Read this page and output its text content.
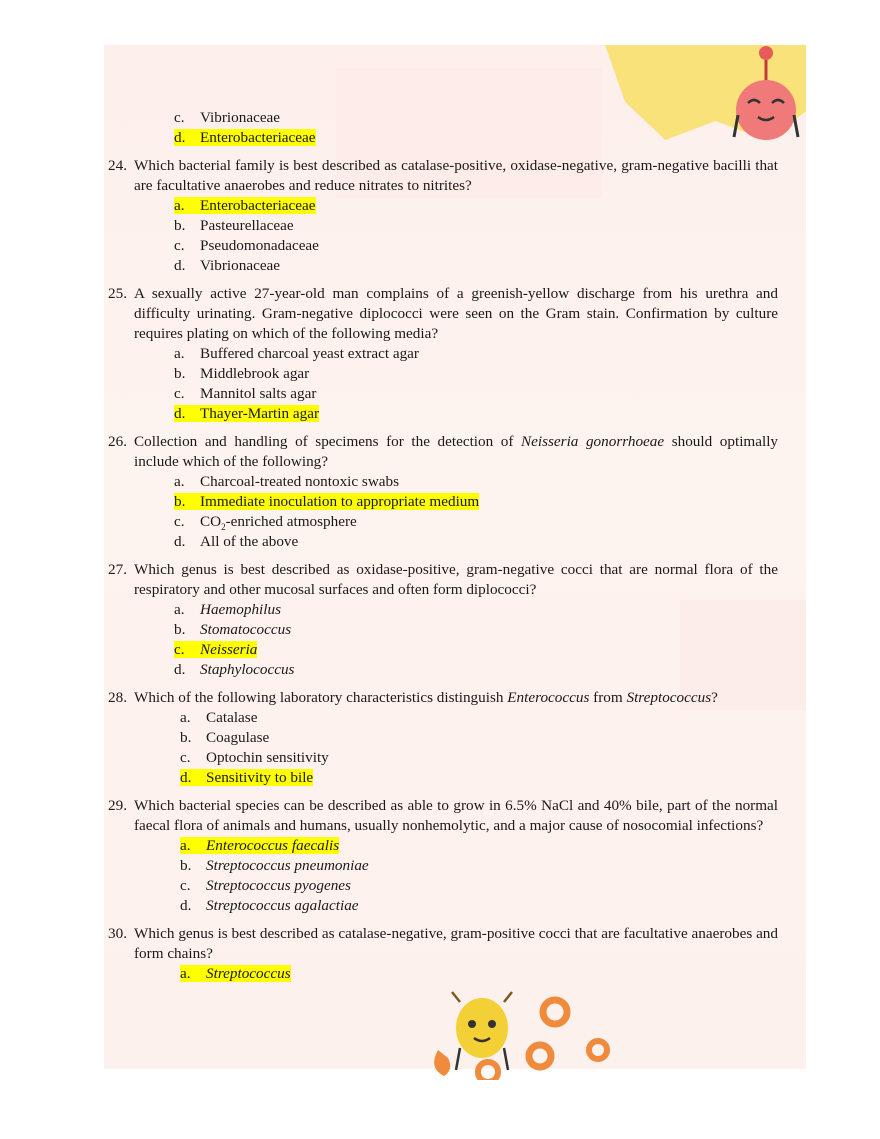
c. Vibrionaceae
d. Enterobacteriaceae
24. Which bacterial family is best described as catalase-positive, oxidase-negative, gram-negative bacilli that are facultative anaerobes and reduce nitrates to nitrites?
a. Enterobacteriaceae
b. Pasteurellaceae
c. Pseudomonadaceae
d. Vibrionaceae
25. A sexually active 27-year-old man complains of a greenish-yellow discharge from his urethra and difficulty urinating. Gram-negative diplococci were seen on the Gram stain. Confirmation by culture requires plating on which of the following media?
a. Buffered charcoal yeast extract agar
b. Middlebrook agar
c. Mannitol salts agar
d. Thayer-Martin agar
26. Collection and handling of specimens for the detection of Neisseria gonorrhoeae should optimally include which of the following?
a. Charcoal-treated nontoxic swabs
b. Immediate inoculation to appropriate medium
c. $CO_2$-enriched atmosphere
d. All of the above
27. Which genus is best described as oxidase-positive, gram-negative cocci that are normal flora of the respiratory and other mucosal surfaces and often form diplococci?
a. Haemophilus
b. Stomatococcus
c. Neisseria
d. Staphylococcus
28. Which of the following laboratory characteristics distinguish Enterococcus from Streptococcus?
a. Catalase
b. Coagulase
c. Optochin sensitivity
d. Sensitivity to bile
29. Which bacterial species can be described as able to grow in 6.5% NaCl and 40% bile, part of the normal faecal flora of animals and humans, usually nonhemolytic, and a major cause of nosocomial infections?
a. Enterococcus faecalis
b. Streptococcus pneumoniae
c. Streptococcus pyogenes
d. Streptococcus agalactiae
30. Which genus is best described as catalase-negative, gram-positive cocci that are facultative anaerobes and form chains?
a. Streptococcus
